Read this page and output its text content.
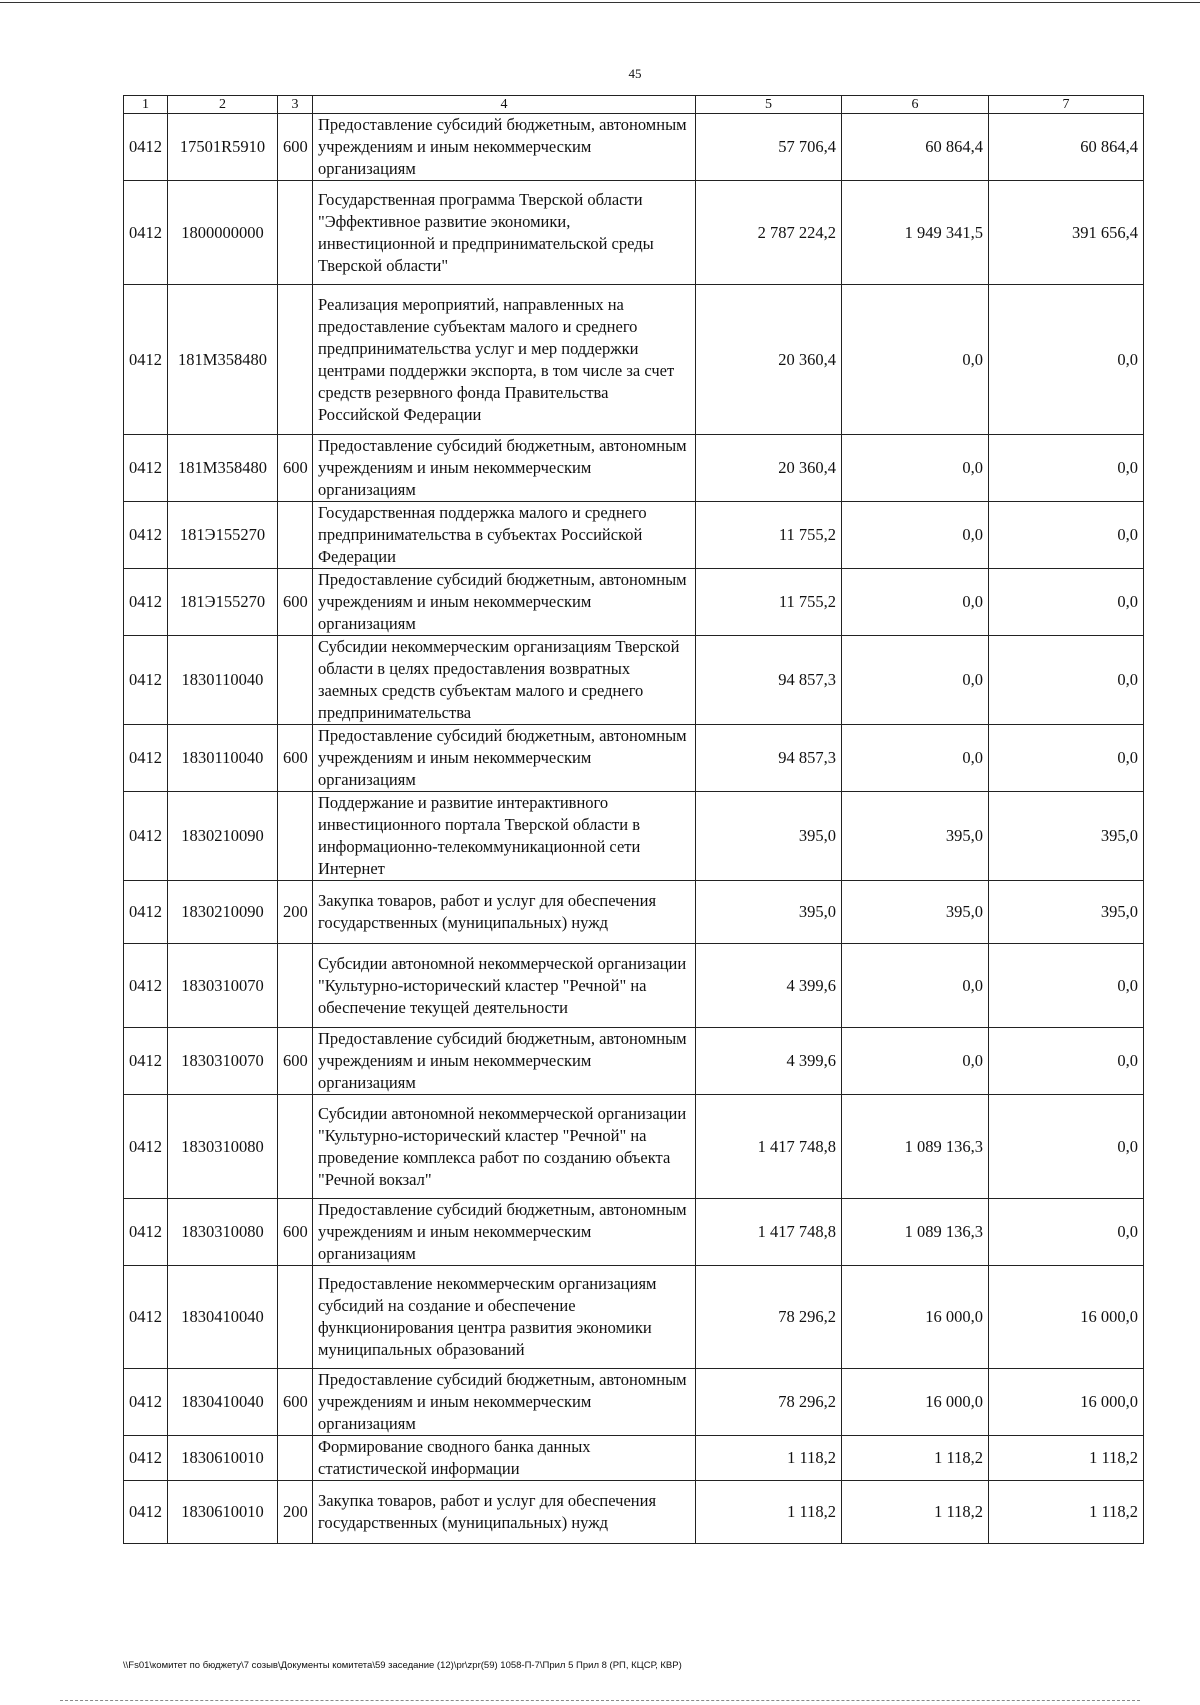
45
1	2	3	4	5	6	7
0412	17501R5910	600	Предоставление субсидий бюджетным, автономным учреждениям и иным некоммерческим организациям	57 706,4	60 864,4	60 864,4
0412	1800000000		Государственная программа Тверской области "Эффективное развитие экономики, инвестиционной и предпринимательской среды Тверской области"	2 787 224,2	1 949 341,5	391 656,4
0412	181M358480		Реализация мероприятий, направленных на предоставление субъектам малого и среднего предпринимательства услуг и мер поддержки центрами поддержки экспорта, в том числе за счет средств резервного фонда Правительства Российской Федерации	20 360,4	0,0	0,0
0412	181M358480	600	Предоставление субсидий бюджетным, автономным учреждениям и иным некоммерческим организациям	20 360,4	0,0	0,0
0412	181Э155270		Государственная поддержка малого и среднего предпринимательства в субъектах Российской Федерации	11 755,2	0,0	0,0
0412	181Э155270	600	Предоставление субсидий бюджетным, автономным учреждениям и иным некоммерческим организациям	11 755,2	0,0	0,0
0412	1830110040		Субсидии некоммерческим организациям Тверской области в целях предоставления возвратных заемных средств субъектам малого и среднего предпринимательства	94 857,3	0,0	0,0
0412	1830110040	600	Предоставление субсидий бюджетным, автономным учреждениям и иным некоммерческим организациям	94 857,3	0,0	0,0
0412	1830210090		Поддержание и развитие интерактивного инвестиционного портала Тверской области в информационно-телекоммуникационной сети Интернет	395,0	395,0	395,0
0412	1830210090	200	Закупка товаров, работ и услуг для обеспечения государственных (муниципальных) нужд	395,0	395,0	395,0
0412	1830310070		Субсидии автономной некоммерческой организации "Культурно-исторический кластер "Речной" на обеспечение текущей деятельности	4 399,6	0,0	0,0
0412	1830310070	600	Предоставление субсидий бюджетным, автономным учреждениям и иным некоммерческим организациям	4 399,6	0,0	0,0
0412	1830310080		Субсидии автономной некоммерческой организации "Культурно-исторический кластер "Речной" на проведение комплекса работ по созданию объекта "Речной вокзал"	1 417 748,8	1 089 136,3	0,0
0412	1830310080	600	Предоставление субсидий бюджетным, автономным учреждениям и иным некоммерческим организациям	1 417 748,8	1 089 136,3	0,0
0412	1830410040		Предоставление некоммерческим организациям субсидий на создание и обеспечение функционирования центра развития экономики муниципальных образований	78 296,2	16 000,0	16 000,0
0412	1830410040	600	Предоставление субсидий бюджетным, автономным учреждениям и иным некоммерческим организациям	78 296,2	16 000,0	16 000,0
0412	1830610010		Формирование сводного банка данных статистической информации	1 118,2	1 118,2	1 118,2
0412	1830610010	200	Закупка товаров, работ и услуг для обеспечения государственных (муниципальных) нужд	1 118,2	1 118,2	1 118,2
\\Fs01\комитет по бюджету\7 созыв\Документы комитета\59 заседание (12)\pr\zpr(59) 1058-П-7\Прил 5 Прил 8 (РП, КЦСР, КВР)
